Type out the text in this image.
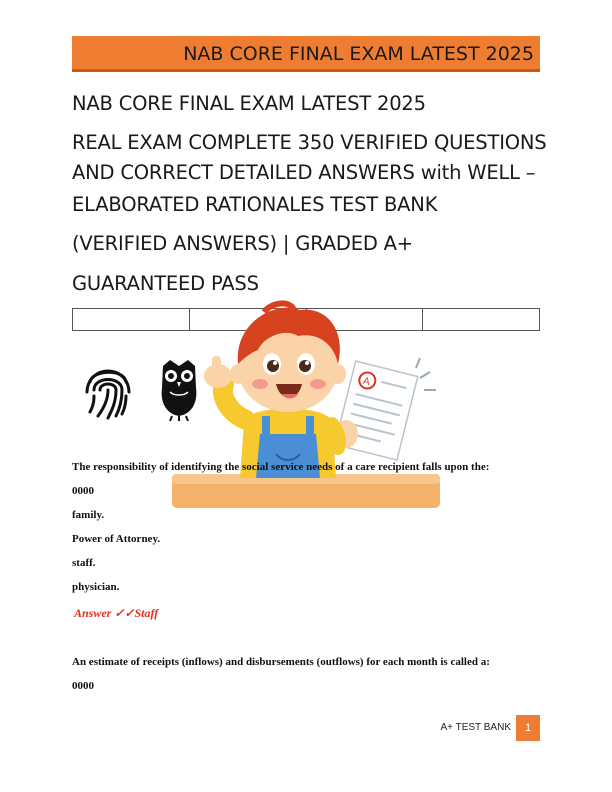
NAB CORE FINAL EXAM LATEST 2025
NAB CORE FINAL EXAM LATEST 2025
REAL EXAM COMPLETE 350 VERIFIED QUESTIONS
AND CORRECT DETAILED ANSWERS with WELL –
ELABORATED RATIONALES TEST BANK
(VERIFIED ANSWERS) | GRADED A+
GUARANTEED PASS

A
The responsibility of identifying the social service needs of a care recipient falls upon the:
0000
family.
Power of Attorney.
staff.
physician.
Answer ✓✓Staff
An estimate of receipts (inflows) and disbursements (outflows) for each month is called a:
0000
A+ TEST BANK	1
